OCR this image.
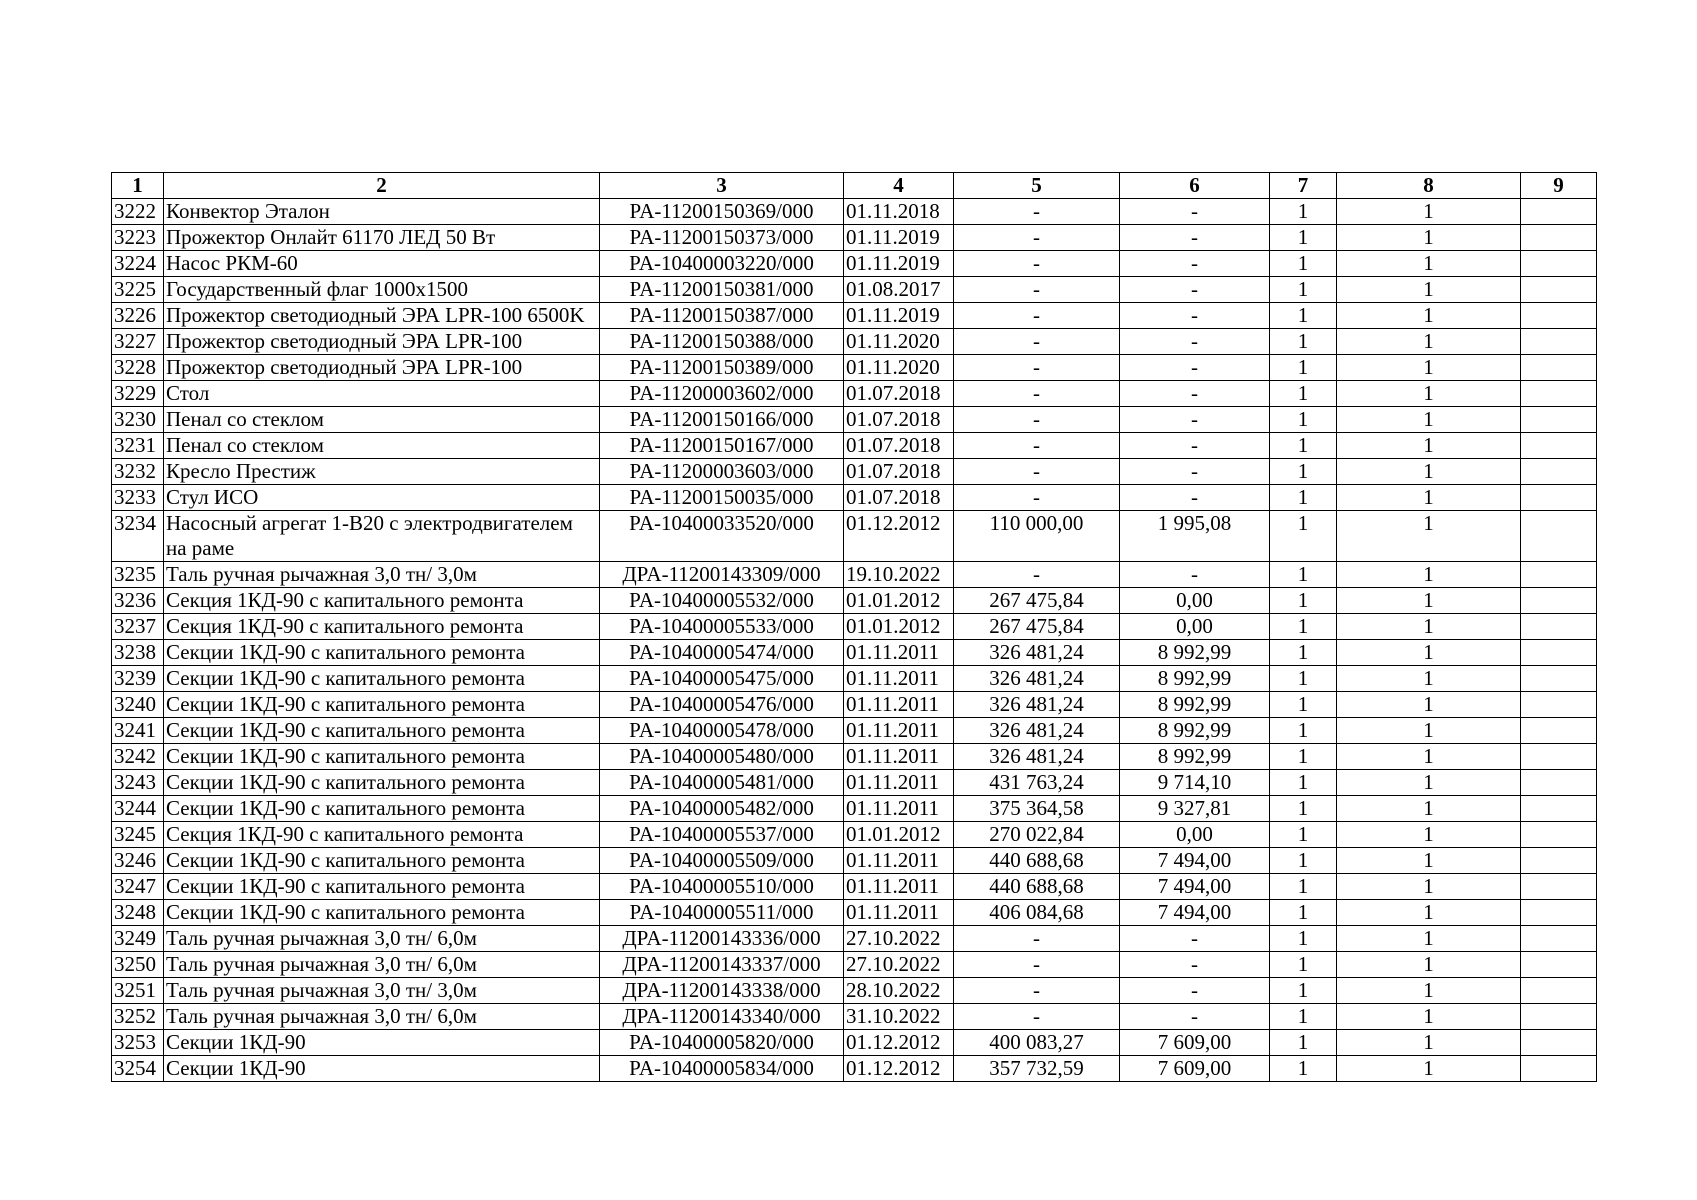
1	2	3	4	5	6	7	8	9
3222	Конвектор Эталон	PA-11200150369/000	01.11.2018	-	-	1	1	
3223	Прожектор Онлайт 61170 ЛЕД 50 Вт	PA-11200150373/000	01.11.2019	-	-	1	1	
3224	Насос РКМ-60	PA-10400003220/000	01.11.2019	-	-	1	1	
3225	Государственный флаг 1000x1500	PA-11200150381/000	01.08.2017	-	-	1	1	
3226	Прожектор светодиодный ЭРА LPR-100 6500K	PA-11200150387/000	01.11.2019	-	-	1	1	
3227	Прожектор светодиодный ЭРА LPR-100	PA-11200150388/000	01.11.2020	-	-	1	1	
3228	Прожектор светодиодный ЭРА LPR-100	PA-11200150389/000	01.11.2020	-	-	1	1	
3229	Стол	PA-11200003602/000	01.07.2018	-	-	1	1	
3230	Пенал со стеклом	PA-11200150166/000	01.07.2018	-	-	1	1	
3231	Пенал со стеклом	PA-11200150167/000	01.07.2018	-	-	1	1	
3232	Кресло Престиж	PA-11200003603/000	01.07.2018	-	-	1	1	
3233	Стул ИСО	PA-11200150035/000	01.07.2018	-	-	1	1	
3234	Насосный агрегат 1-В20 с электродвигателем на раме	PA-10400033520/000	01.12.2012	110 000,00	1 995,08	1	1	
3235	Таль ручная рычажная 3,0 тн/ 3,0м	ДPA-11200143309/000	19.10.2022	-	-	1	1	
3236	Секция 1КД-90 с капитального ремонта	PA-10400005532/000	01.01.2012	267 475,84	0,00	1	1	
3237	Секция 1КД-90 с капитального ремонта	PA-10400005533/000	01.01.2012	267 475,84	0,00	1	1	
3238	Секции 1КД-90 с капитального ремонта	PA-10400005474/000	01.11.2011	326 481,24	8 992,99	1	1	
3239	Секции 1КД-90 с капитального ремонта	PA-10400005475/000	01.11.2011	326 481,24	8 992,99	1	1	
3240	Секции 1КД-90 с капитального ремонта	PA-10400005476/000	01.11.2011	326 481,24	8 992,99	1	1	
3241	Секции 1КД-90 с капитального ремонта	PA-10400005478/000	01.11.2011	326 481,24	8 992,99	1	1	
3242	Секции 1КД-90 с капитального ремонта	PA-10400005480/000	01.11.2011	326 481,24	8 992,99	1	1	
3243	Секции 1КД-90 с капитального ремонта	PA-10400005481/000	01.11.2011	431 763,24	9 714,10	1	1	
3244	Секции 1КД-90 с капитального ремонта	PA-10400005482/000	01.11.2011	375 364,58	9 327,81	1	1	
3245	Секция 1КД-90 с капитального ремонта	PA-10400005537/000	01.01.2012	270 022,84	0,00	1	1	
3246	Секции 1КД-90 с капитального ремонта	PA-10400005509/000	01.11.2011	440 688,68	7 494,00	1	1	
3247	Секции 1КД-90 с капитального ремонта	PA-10400005510/000	01.11.2011	440 688,68	7 494,00	1	1	
3248	Секции 1КД-90 с капитального ремонта	PA-10400005511/000	01.11.2011	406 084,68	7 494,00	1	1	
3249	Таль ручная рычажная 3,0 тн/ 6,0м	ДPA-11200143336/000	27.10.2022	-	-	1	1	
3250	Таль ручная рычажная 3,0 тн/ 6,0м	ДPA-11200143337/000	27.10.2022	-	-	1	1	
3251	Таль ручная рычажная 3,0 тн/ 3,0м	ДPA-11200143338/000	28.10.2022	-	-	1	1	
3252	Таль ручная рычажная 3,0 тн/ 6,0м	ДPA-11200143340/000	31.10.2022	-	-	1	1	
3253	Секции 1КД-90	PA-10400005820/000	01.12.2012	400 083,27	7 609,00	1	1	
3254	Секции 1КД-90	PA-10400005834/000	01.12.2012	357 732,59	7 609,00	1	1	
